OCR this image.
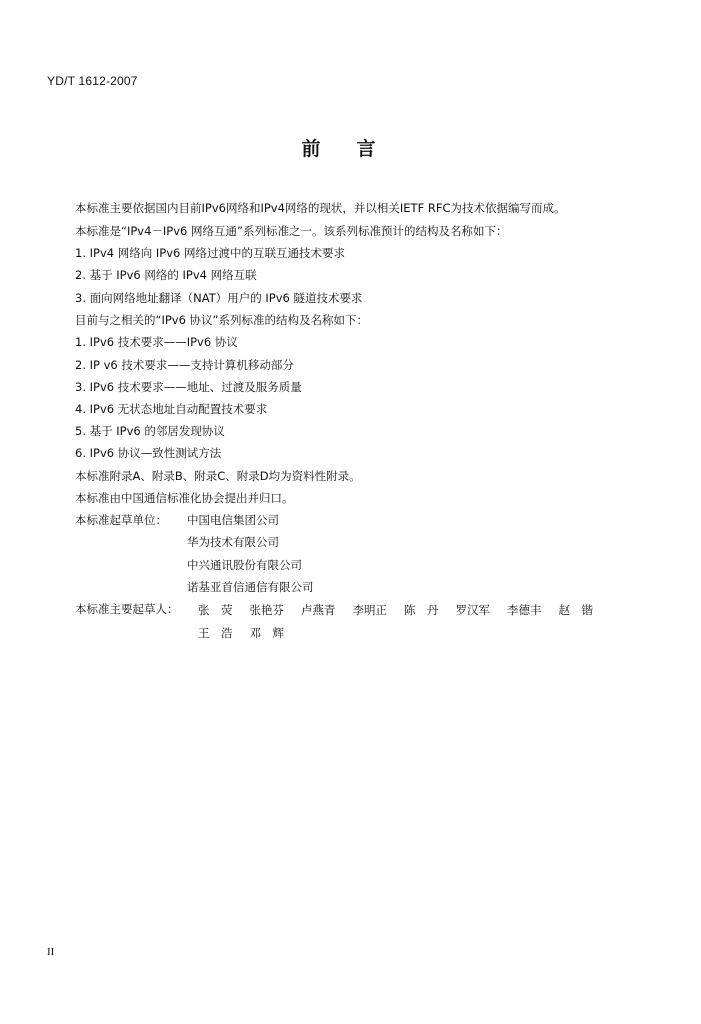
YD/T 1612-2007
前言
本标准主要依据国内目前IPv6网络和IPv4网络的现状，并以相关IETF RFC为技术依据编写而成。
本标准是“IPv4－IPv6 网络互通”系列标准之一。该系列标准预计的结构及名称如下：
1. IPv4 网络向 IPv6 网络过渡中的互联互通技术要求
2. 基于 IPv6 网络的 IPv4 网络互联
3. 面向网络地址翻译（NAT）用户的 IPv6 隧道技术要求
目前与之相关的“IPv6 协议”系列标准的结构及名称如下：
1. IPv6 技术要求——IPv6 协议
2. IP v6 技术要求——支持计算机移动部分
3. IPv6 技术要求——地址、过渡及服务质量
4. IPv6 无状态地址自动配置技术要求
5. 基于 IPv6 的邻居发现协议
6. IPv6 协议—致性测试方法
本标准附录A、附录B、附录C、附录D均为资料性附录。
本标准由中国通信标准化协会提出并归口。
本标准起草单位： 中国电信集团公司
华为技术有限公司
中兴通讯股份有限公司
诺基亚首信通信有限公司
本标准主要起草人： 张　荧 张艳芬 卢燕青 李明正 陈　丹 罗汉军 李德丰 赵　锴
王　浩 邓　辉
II
